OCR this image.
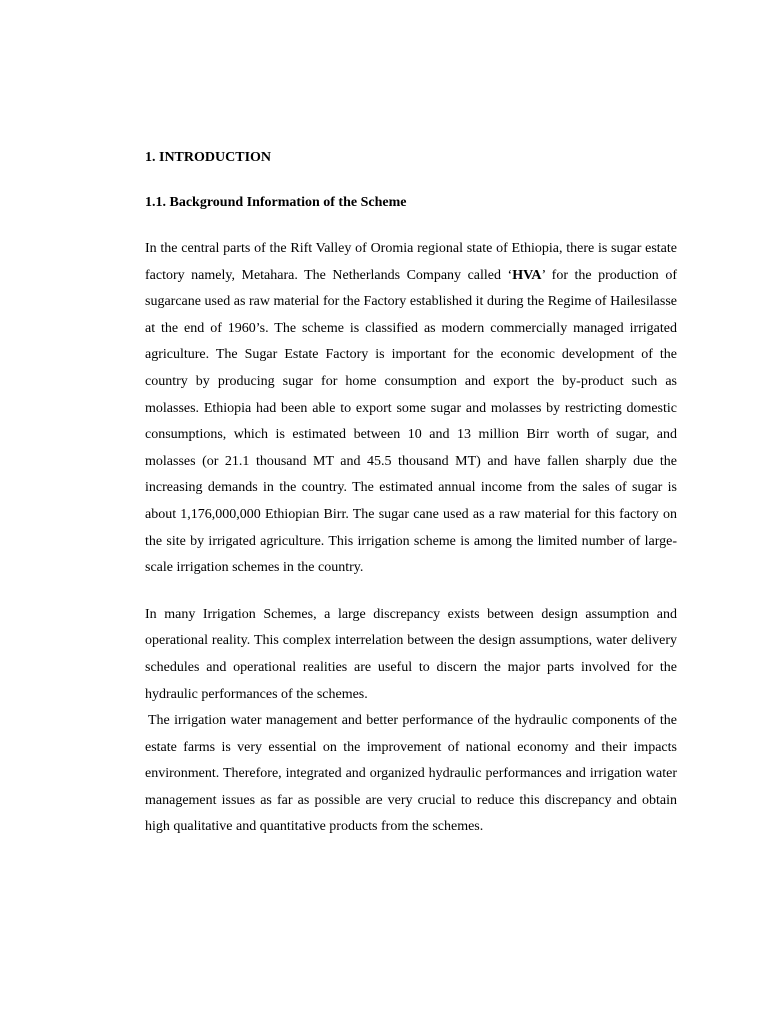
1. INTRODUCTION
1.1. Background Information of the Scheme

In the central parts of the Rift Valley of Oromia regional state of Ethiopia, there is sugar estate factory namely, Metahara. The Netherlands Company called ‘HVA’ for the production of sugarcane used as raw material for the Factory established it during the Regime of Hailesilasse at the end of 1960’s. The scheme is classified as modern commercially managed irrigated agriculture. The Sugar Estate Factory is important for the economic development of the country by producing sugar for home consumption and export the by-product such as molasses. Ethiopia had been able to export some sugar and molasses by restricting domestic consumptions, which is estimated between 10 and 13 million Birr worth of sugar, and molasses (or 21.1 thousand MT and 45.5 thousand MT) and have fallen sharply due the increasing demands in the country. The estimated annual income from the sales of sugar is about 1,176,000,000 Ethiopian Birr. The sugar cane used as a raw material for this factory on the site by irrigated agriculture. This irrigation scheme is among the limited number of large-scale irrigation schemes in the country.

In many Irrigation Schemes, a large discrepancy exists between design assumption and operational reality. This complex interrelation between the design assumptions, water delivery schedules and operational realities are useful to discern the major parts involved for the hydraulic performances of the schemes.

The irrigation water management and better performance of the hydraulic components of the estate farms is very essential on the improvement of national economy and their impacts environment. Therefore, integrated and organized hydraulic performances and irrigation water management issues as far as possible are very crucial to reduce this discrepancy and obtain high qualitative and quantitative products from the schemes.
